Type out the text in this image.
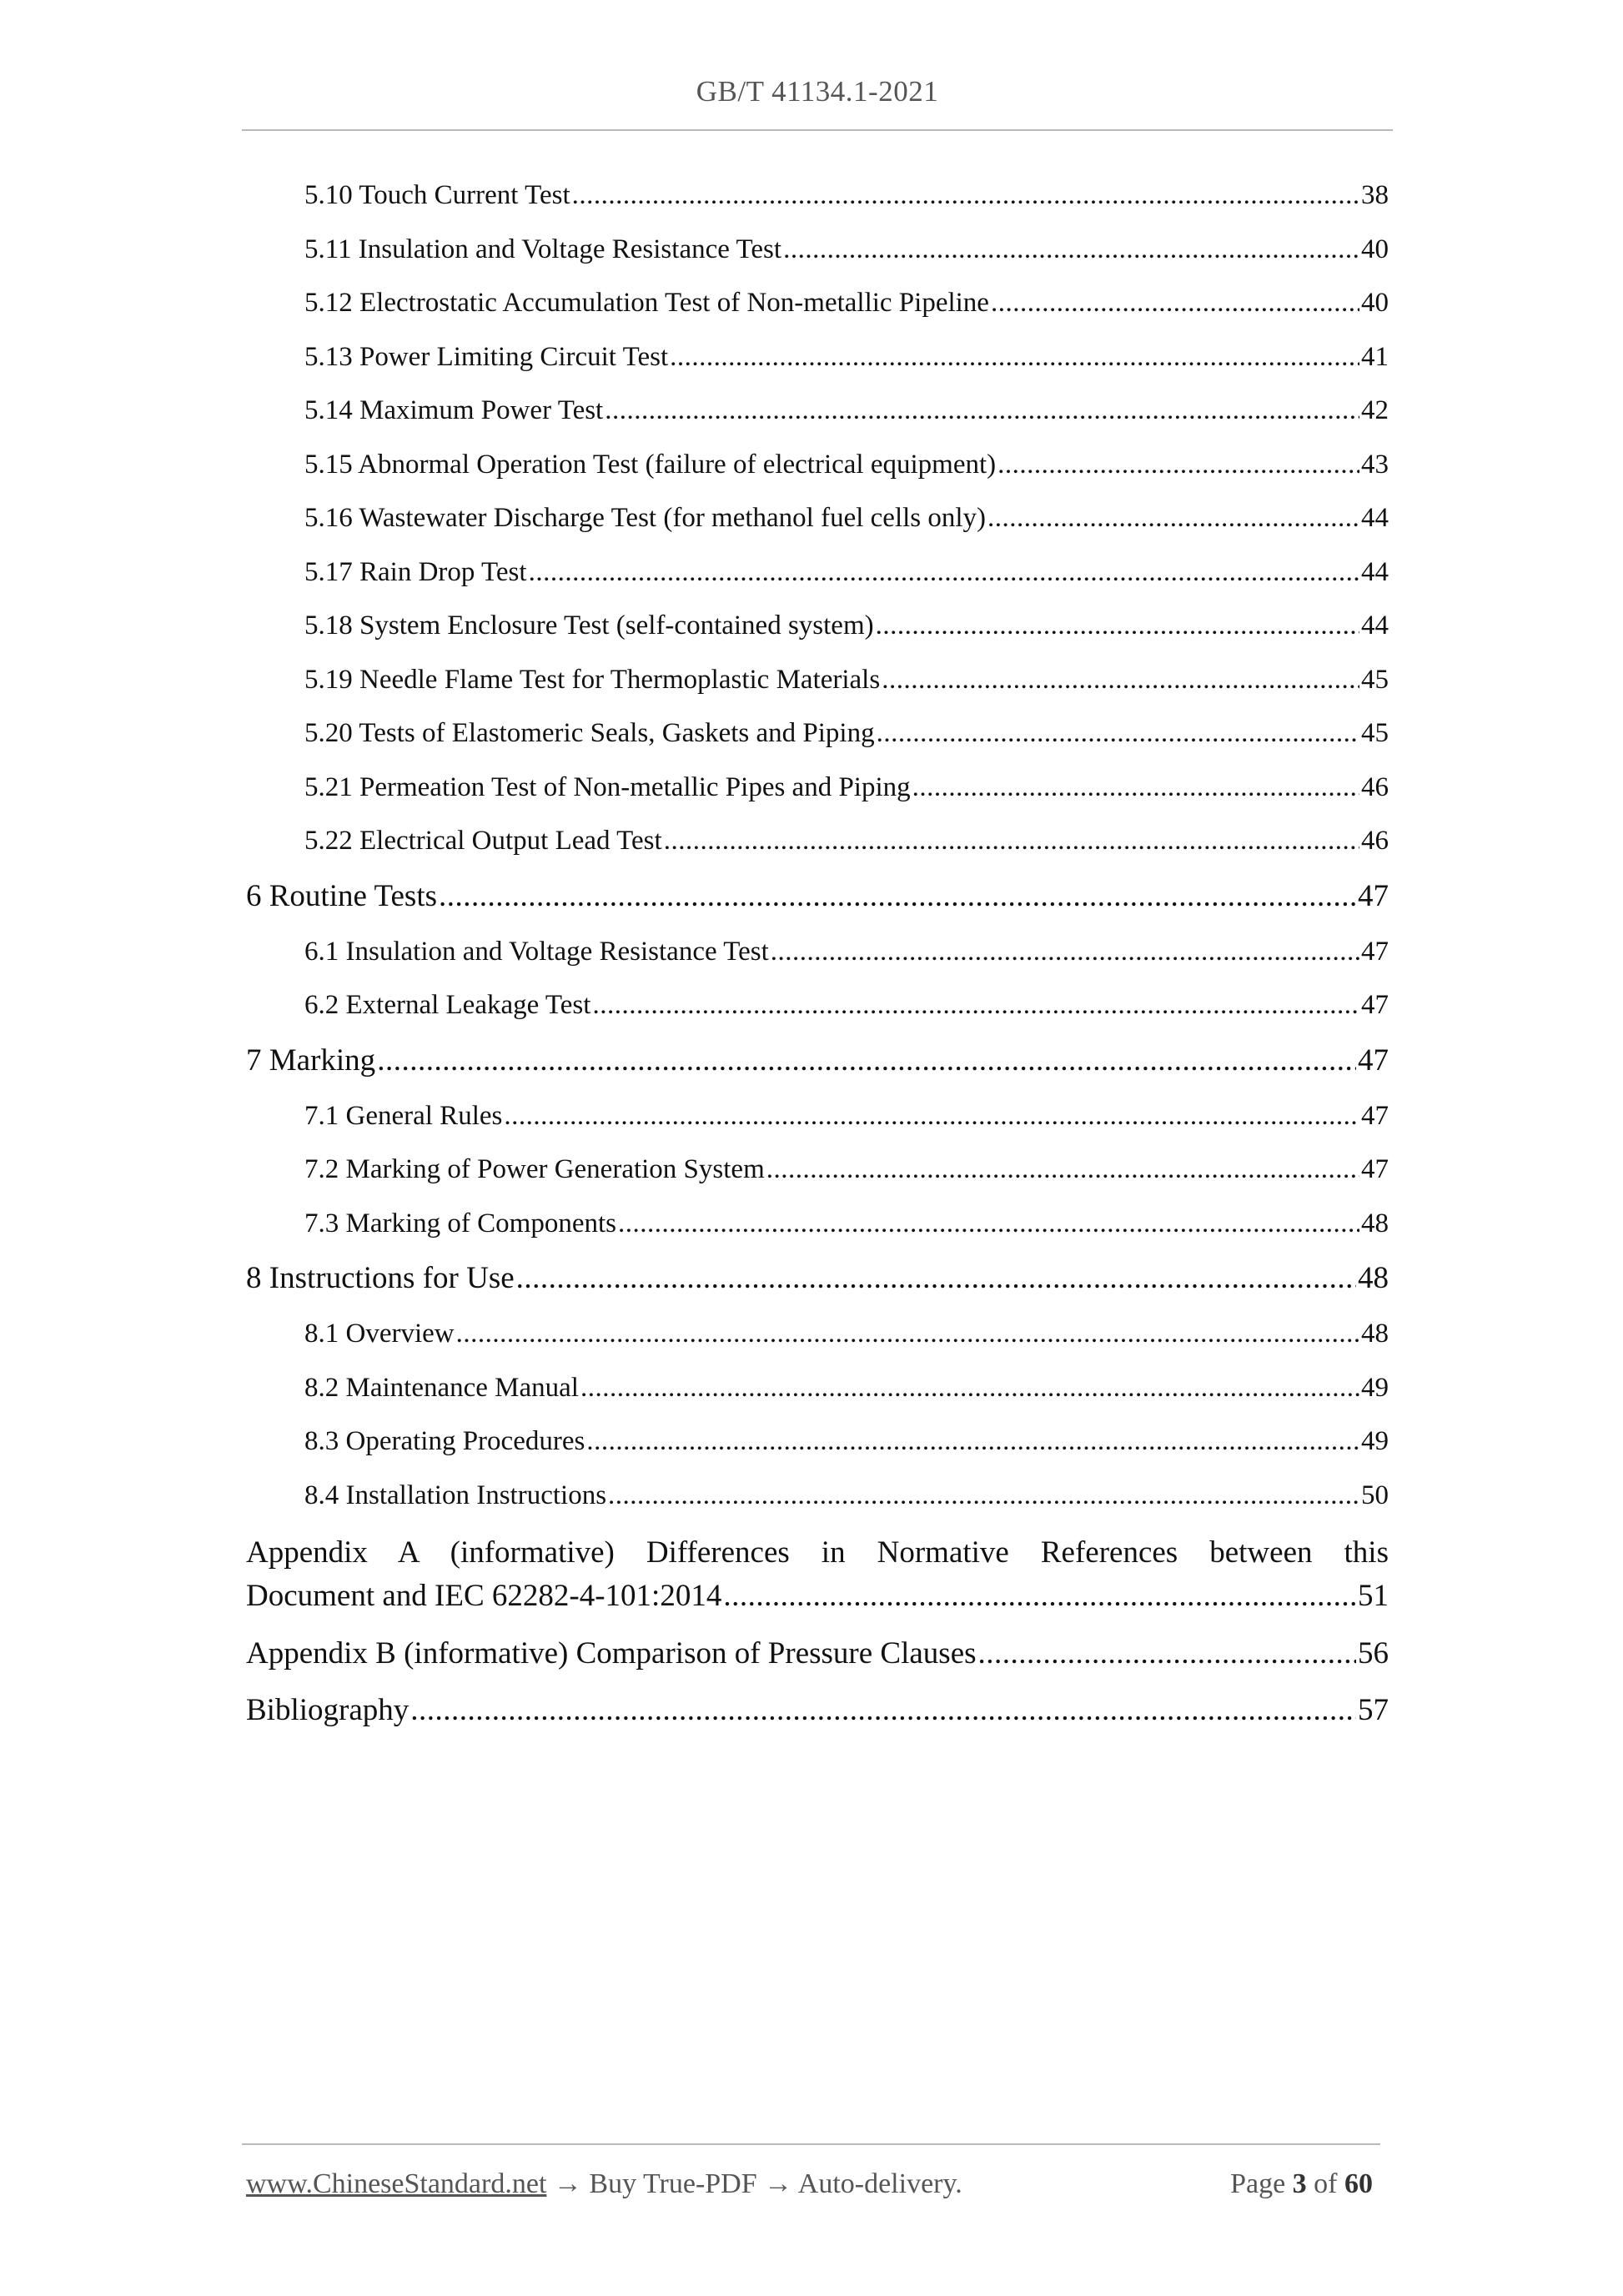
GB/T 41134.1-2021
5.10 Touch Current Test .....	38
5.11 Insulation and Voltage Resistance Test .....	40
5.12 Electrostatic Accumulation Test of Non-metallic Pipeline .....	40
5.13 Power Limiting Circuit Test .....	41
5.14 Maximum Power Test .....	42
5.15 Abnormal Operation Test (failure of electrical equipment) .....	43
5.16 Wastewater Discharge Test (for methanol fuel cells only) .....	44
5.17 Rain Drop Test .....	44
5.18 System Enclosure Test (self-contained system) .....	44
5.19 Needle Flame Test for Thermoplastic Materials .....	45
5.20 Tests of Elastomeric Seals, Gaskets and Piping .....	45
5.21 Permeation Test of Non-metallic Pipes and Piping .....	46
5.22 Electrical Output Lead Test .....	46
6 Routine Tests .....	47
6.1 Insulation and Voltage Resistance Test .....	47
6.2 External Leakage Test .....	47
7 Marking .....	47
7.1 General Rules .....	47
7.2 Marking of Power Generation System .....	47
7.3 Marking of Components .....	48
8 Instructions for Use .....	48
8.1 Overview .....	48
8.2 Maintenance Manual .....	49
8.3 Operating Procedures .....	49
8.4 Installation Instructions .....	50
Appendix A (informative) Differences in Normative References between this
Document and IEC 62282-4-101:2014 .....	51
Appendix B (informative) Comparison of Pressure Clauses .....	56
Bibliography .....	57
www.ChineseStandard.net → Buy True-PDF → Auto-delivery.	Page 3 of 60
